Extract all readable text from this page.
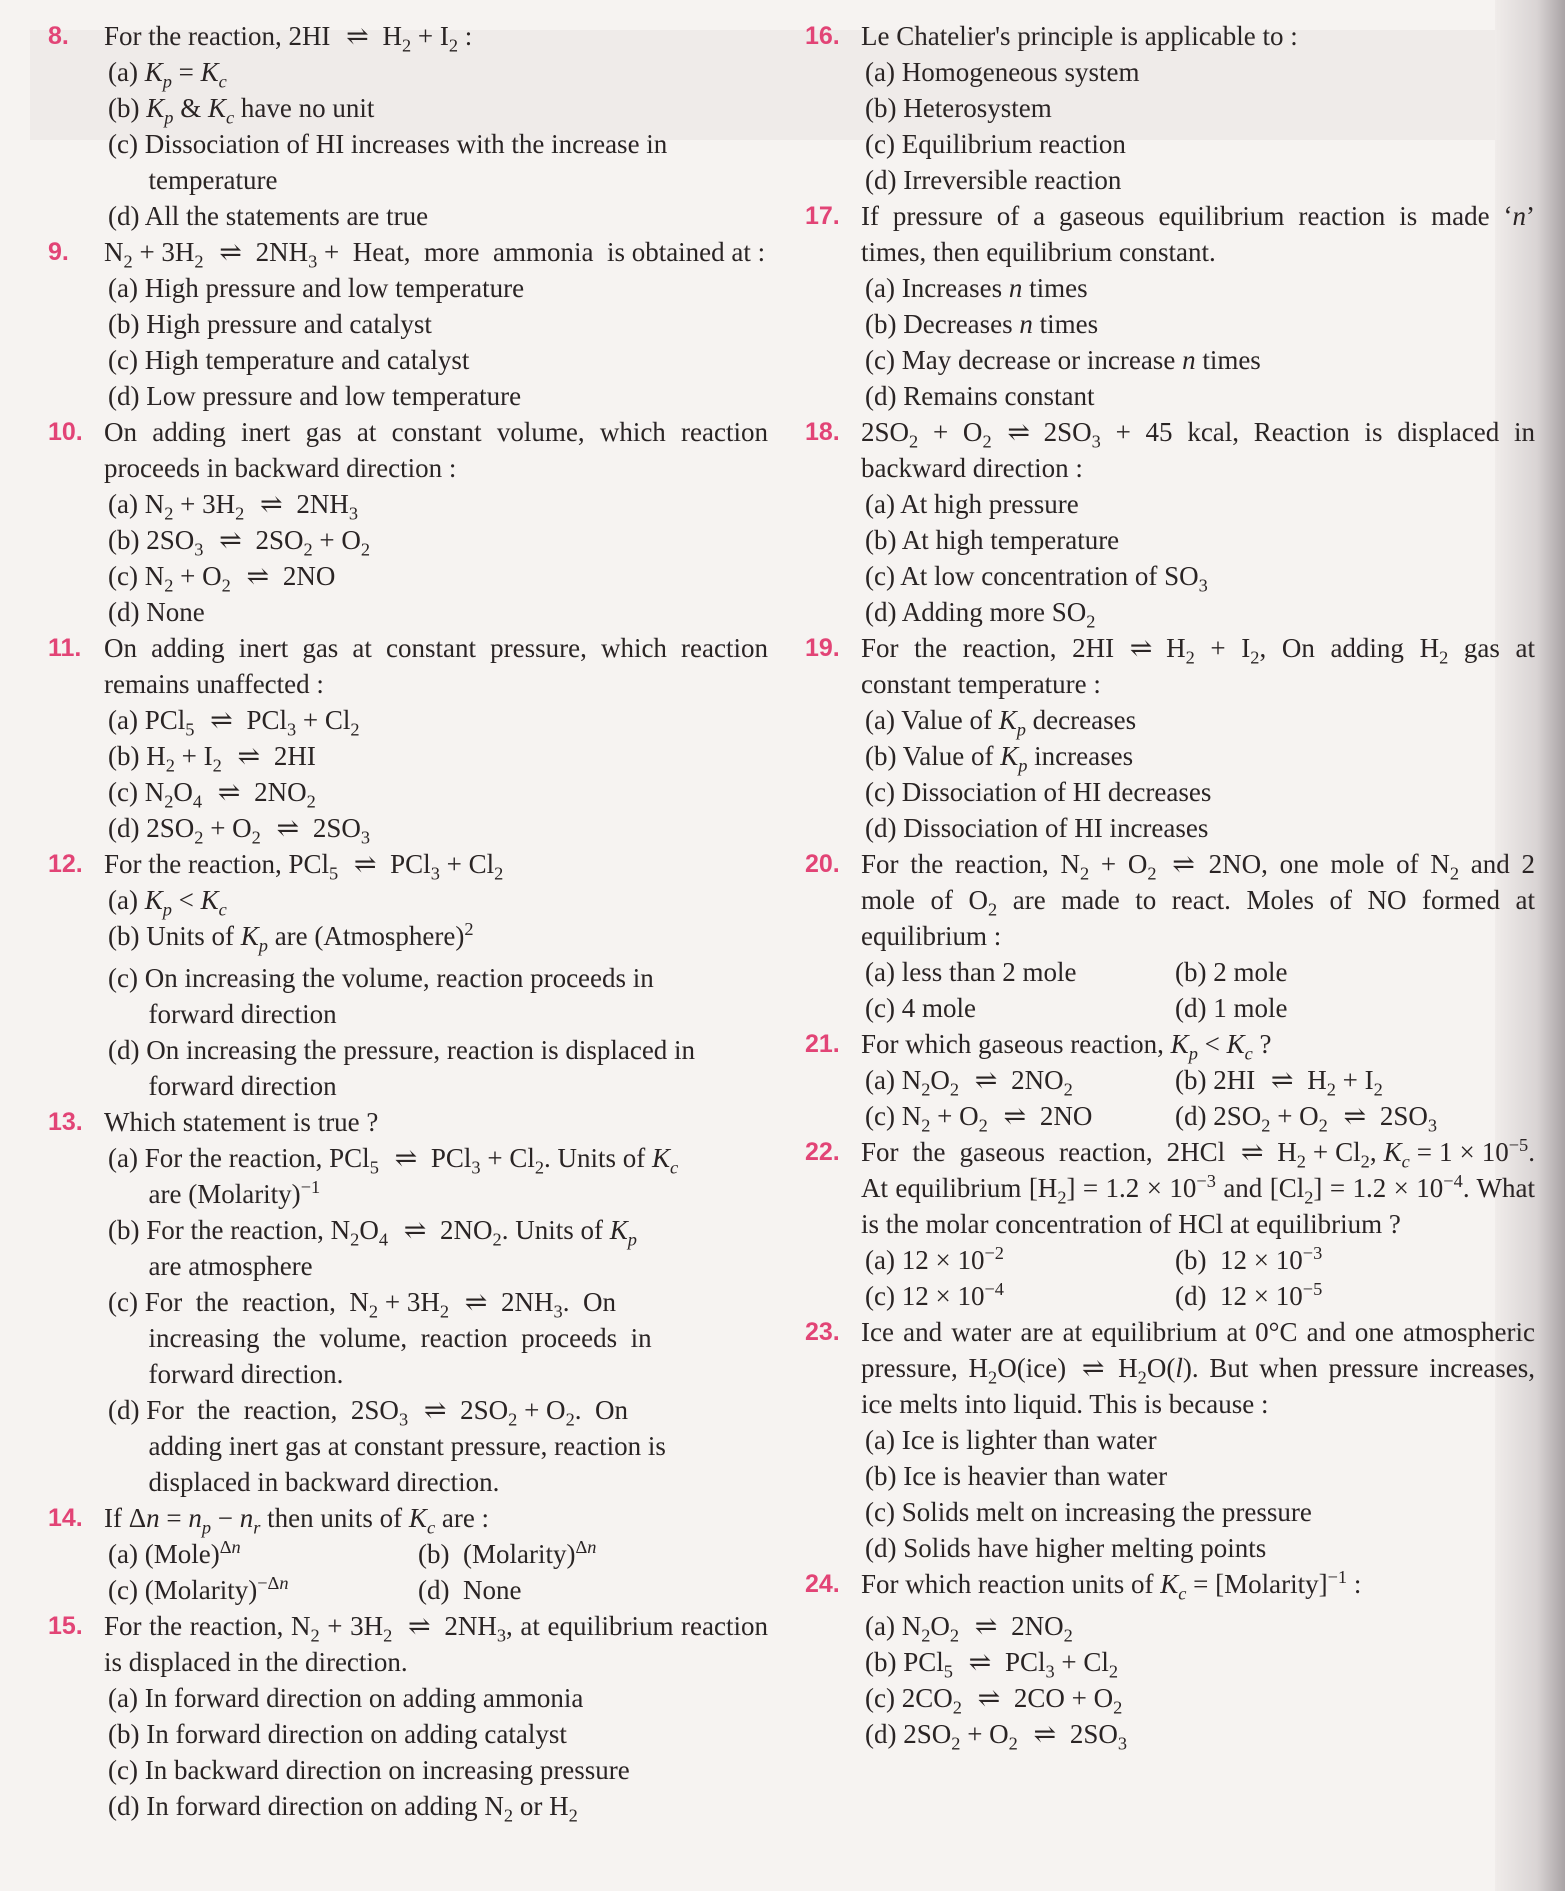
8. For the reaction, 2HI ⇌ $H_2 + I_2$ :
(a) $K_p = K_c$
(b) $K_p$ & $K_c$ have no unit
(c) Dissociation of HI increases with the increase in
temperature
(d) All the statements are true
9. $N_2 + 3H_2$ ⇌ $2NH_3$ +  Heat,  more  ammonia  is obtained at :
(a) High pressure and low temperature
(b) High pressure and catalyst
(c) High temperature and catalyst
(d) Low pressure and low temperature
10. On adding inert gas at constant volume, which reaction proceeds in backward direction :
(a) $N_2 + 3H_2$ ⇌ $2NH_3$
(b) $2SO_3$ ⇌ $2SO_2 + O_2$
(c) $N_2 + O_2$ ⇌ 2NO
(d) None
11. On adding inert gas at constant pressure, which reaction remains unaffected :
(a) PCl$_5$ ⇌ $PCl_3 + Cl_2$
(b) $H_2 + I_2$ ⇌ 2HI
(c) $N_2O_4$ ⇌ $2NO_2$
(d) $2SO_2 + O_2$ ⇌ $2SO_3$
12. For the reaction, PCl$_5$ ⇌ $PCl_3 + Cl_2$
(a) $K_p < K_c$
(b) Units of $K_p$ are (Atmosphere)$^2$
(c) On increasing the volume, reaction proceeds in
forward direction
(d) On increasing the pressure, reaction is displaced in
forward direction
13. Which statement is true ?
(a) For the reaction, PCl$_5$ ⇌ $PCl_3 + Cl_2$. Units of $K_c$
are (Molarity)$^{-1}$
(b) For the reaction, $N_2O_4$ ⇌ $2NO_2$. Units of $K_p$
are atmosphere
(c) For  the  reaction,  $N_2 + 3H_2$ ⇌ $2NH_3$.  On
increasing  the  volume,  reaction  proceeds  in
forward direction.
(d) For  the  reaction,  $2SO_3$ ⇌ $2SO_2 + O_2$.  On
adding inert gas at constant pressure, reaction is
displaced in backward direction.
14. If $\Delta n = n_p - n_r$ then units of $K_c$ are :
(a) (Mole)$^{\Delta n}$	(b)  (Molarity)$^{\Delta n}$
(c) (Molarity)$^{-\Delta n}$	(d)  None
15. For the reaction, $N_2 + 3H_2$ ⇌ $2NH_3$, at equilibrium reaction is displaced in the direction.
(a) In forward direction on adding ammonia
(b) In forward direction on adding catalyst
(c) In backward direction on increasing pressure
(d) In forward direction on adding $N_2$ or $H_2$
16. Le Chatelier's principle is applicable to :
(a) Homogeneous system
(b) Heterosystem
(c) Equilibrium reaction
(d) Irreversible reaction
17. If pressure of a gaseous equilibrium reaction is made ‘n’ times, then equilibrium constant.
(a) Increases n times
(b) Decreases n times
(c) May decrease or increase n times
(d) Remains constant
18. $2SO_2 + O_2$ ⇌ $2SO_3 + 45$ kcal, Reaction is displaced in backward direction :
(a) At high pressure
(b) At high temperature
(c) At low concentration of $SO_3$
(d) Adding more $SO_2$
19. For the reaction, 2HI ⇌ $H_2 + I_2$, On adding $H_2$ gas at constant temperature :
(a) Value of $K_p$ decreases
(b) Value of $K_p$ increases
(c) Dissociation of HI decreases
(d) Dissociation of HI increases
20. For the reaction, $N_2 + O_2$ ⇌ 2NO, one mole of $N_2$ and 2 mole of $O_2$ are made to react. Moles of NO formed at equilibrium :
(a) less than 2 mole	(b) 2 mole
(c) 4 mole	(d) 1 mole
21. For which gaseous reaction, $K_p < K_c$ ?
(a) $N_2O_2$ ⇌ $2NO_2$	(b) 2HI ⇌ $H_2 + I_2$
(c) $N_2 + O_2$ ⇌ 2NO	(d) $2SO_2 + O_2$ ⇌ $2SO_3$
22. For  the  gaseous  reaction,  2HCl ⇌ $H_2 + Cl_2$, $K_c = 1 \times 10^{-5}$. At equilibrium $[H_2] = 1.2 \times 10^{-3}$ and $[Cl_2] = 1.2 \times 10^{-4}$. What is the molar concentration of HCl at equilibrium ?
(a) $12 \times 10^{-2}$	(b)  $12 \times 10^{-3}$
(c) $12 \times 10^{-4}$	(d)  $12 \times 10^{-5}$
23. Ice and water are at equilibrium at 0°C and one atmospheric pressure, $H_2O(ice)$ ⇌ $H_2O(l)$. But when pressure increases, ice melts into liquid. This is because :
(a) Ice is lighter than water
(b) Ice is heavier than water
(c) Solids melt on increasing the pressure
(d) Solids have higher melting points
24. For which reaction units of $K_c$ = [Molarity]$^{-1}$ :
(a) $N_2O_2$ ⇌ $2NO_2$
(b) PCl$_5$ ⇌ $PCl_3 + Cl_2$
(c) $2CO_2$ ⇌ $2CO + O_2$
(d) $2SO_2 + O_2$ ⇌ $2SO_3$
